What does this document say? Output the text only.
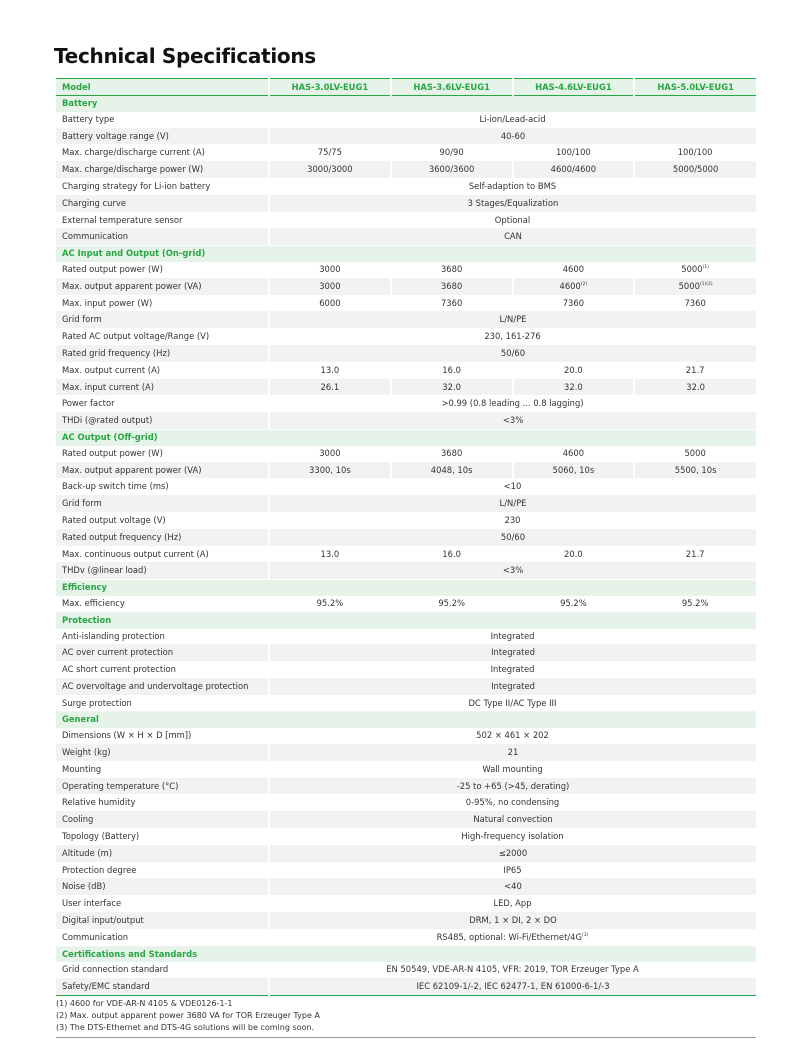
Technical Specifications
Model	HAS-3.0LV-EUG1	HAS-3.6LV-EUG1	HAS-4.6LV-EUG1	HAS-5.0LV-EUG1
Battery				
Battery type	Li-ion/Lead-acid			
Battery voltage range (V)	40-60			
Max. charge/discharge current (A)	75/75	90/90	100/100	100/100
Max. charge/discharge power (W)	3000/3000	3600/3600	4600/4600	5000/5000
Charging strategy for Li-ion battery	Self-adaption to BMS			
Charging curve	3 Stages/Equalization			
External temperature sensor	Optional			
Communication	CAN			
AC Input and Output (On-grid)				
Rated output power (W)	3000	3680	4600	5000$^{(1)}$
Max. output apparent power (VA)	3000	3680	4600$^{(2)}$	$5000^{(1)(2)}$
Max. input power (W)	6000	7360	7360	7360
Grid form	L/N/PE			
Rated AC output voltage/Range (V)	230, 161-276			
Rated grid frequency (Hz)	50/60			
Max. output current (A)	13.0	16.0	20.0	21.7
Max. input current (A)	26.1	32.0	32.0	32.0
Power factor	>0.99 (0.8 leading ... 0.8 lagging)			
THDi (@rated output)	<3%			
AC Output (Off-grid)				
Rated output power (W)	3000	3680	4600	5000
Max. output apparent power (VA)	3300, 10s	4048, 10s	5060, 10s	5500, 10s
Back-up switch time (ms)	<10			
Grid form	L/N/PE			
Rated output voltage (V)	230			
Rated output frequency (Hz)	50/60			
Max. continuous output current (A)	13.0	16.0	20.0	21.7
THDv (@linear load)	<3%			
Efficiency				
Max. efficiency	95.2%	95.2%	95.2%	95.2%
Protection				
Anti-islanding protection	Integrated			
AC over current protection	Integrated			
AC short current protection	Integrated			
AC overvoltage and undervoltage protection	Integrated			
Surge protection	DC Type II/AC Type III			
General				
Dimensions (W × H × D [mm])	502 × 461 × 202			
Weight (kg)	21			
Mounting	Wall mounting			
Operating temperature (°C)	-25 to +65 (>45, derating)			
Relative humidity	0-95%, no condensing			
Cooling	Natural convection			
Topology (Battery)	High-frequency isolation			
Altitude (m)	≤2000			
Protection degree	IP65			
Noise (dB)	<40			
User interface	LED, App			
Digital input/output	DRM, 1 × DI, 2 × DO			
Communication	RS485, optional: $Wi-Fi/Ethernet/4G^{(3)}$
Certifications and Standards				
Grid connection standard	EN 50549, VDE-AR-N 4105, VFR: 2019, TOR Erzeuger Type A			
Safety/EMC standard	IEC 62109-1/-2, IEC 62477-1, EN 61000-6-1/-3			
(1) 4600 for VDE-AR-N 4105 & VDE0126-1-1
(2) Max. output apparent power 3680 VA for TOR Erzeuger Type A
(3) The DTS-Ethernet and DTS-4G solutions will be coming soon.
